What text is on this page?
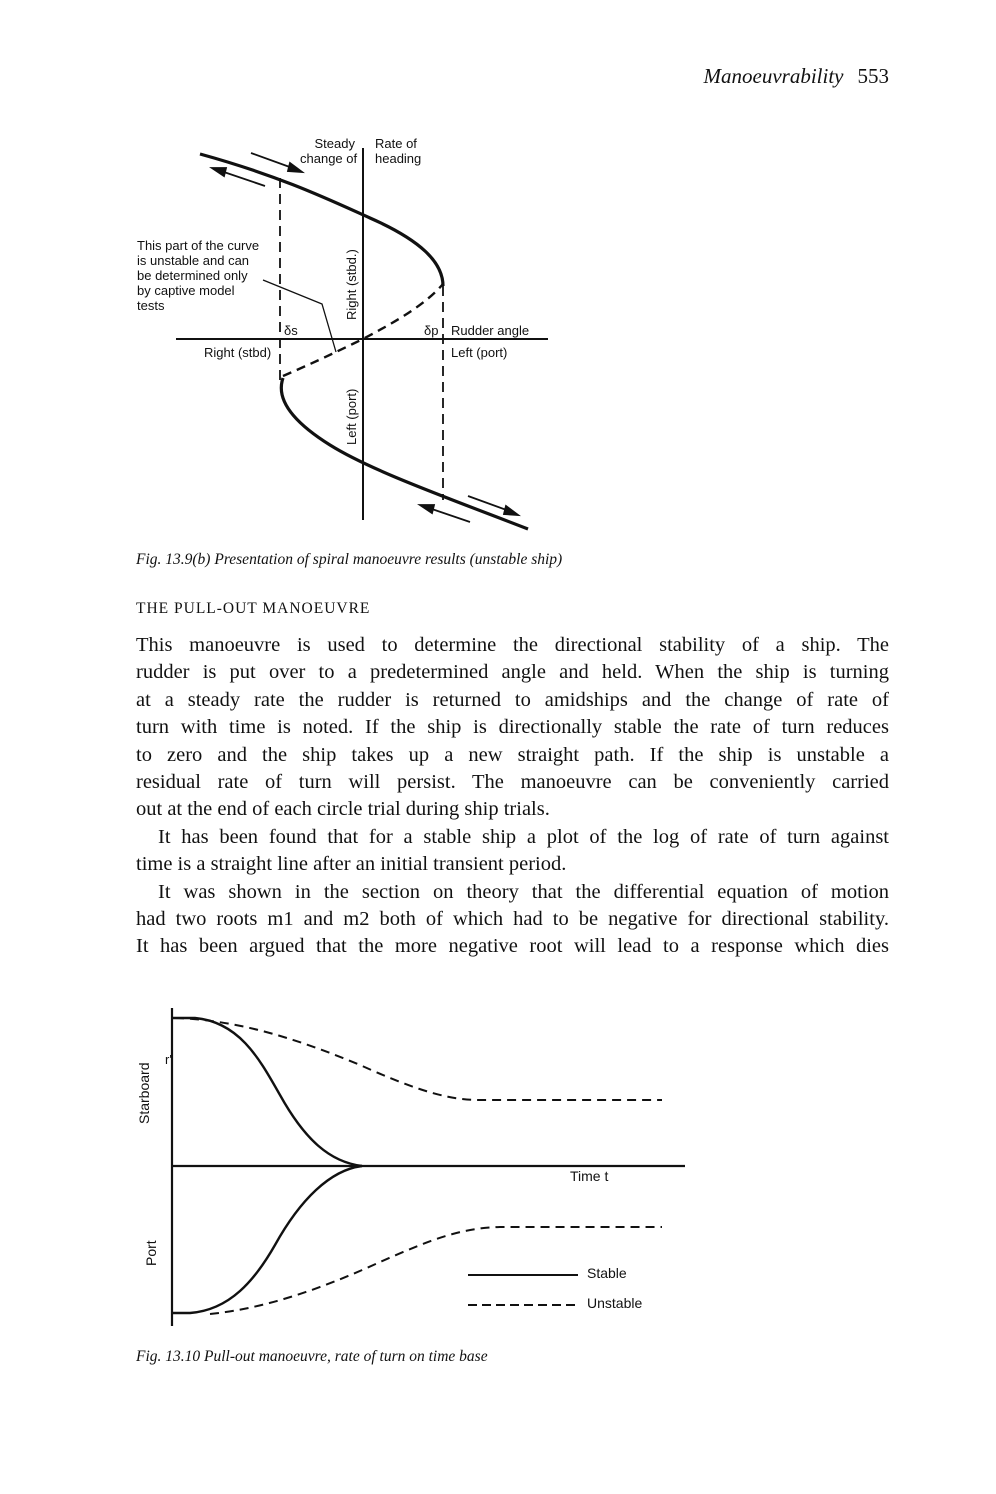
Manoeuvrability 553
Steady
change of
Rate of
heading
This part of the curve
is unstable and can
be determined only
by captive model
tests	Right (stbd.)
Left (port)
δs	δp Rudder angle
Left (port)
Right (stbd)
Fig. 13.9(b) Presentation of spiral manoeuvre results (unstable ship)
THE PULL-OUT MANOEUVRE
This manoeuvre is used to determine the directional stability of a ship. The
rudder is put over to a predetermined angle and held. When the ship is turning
at a steady rate the rudder is returned to amidships and the change of rate of
turn with time is noted. If the ship is directionally stable the rate of turn reduces
to zero and the ship takes up a new straight path. If the ship is unstable a
residual rate of turn will persist. The manoeuvre can be conveniently carried
out at the end of each circle trial during ship trials.
It has been found that for a stable ship a plot of the log of rate of turn against
time is a straight line after an initial transient period.
It was shown in the section on theory that the differential equation of motion
had two roots m1 and m2 both of which had to be negative for directional stability.
It has been argued that the more negative root will lead to a response which dies
Starboard
r'
Port
Time t
Stable
Unstable
Fig. 13.10 Pull-out manoeuvre, rate of turn on time base
